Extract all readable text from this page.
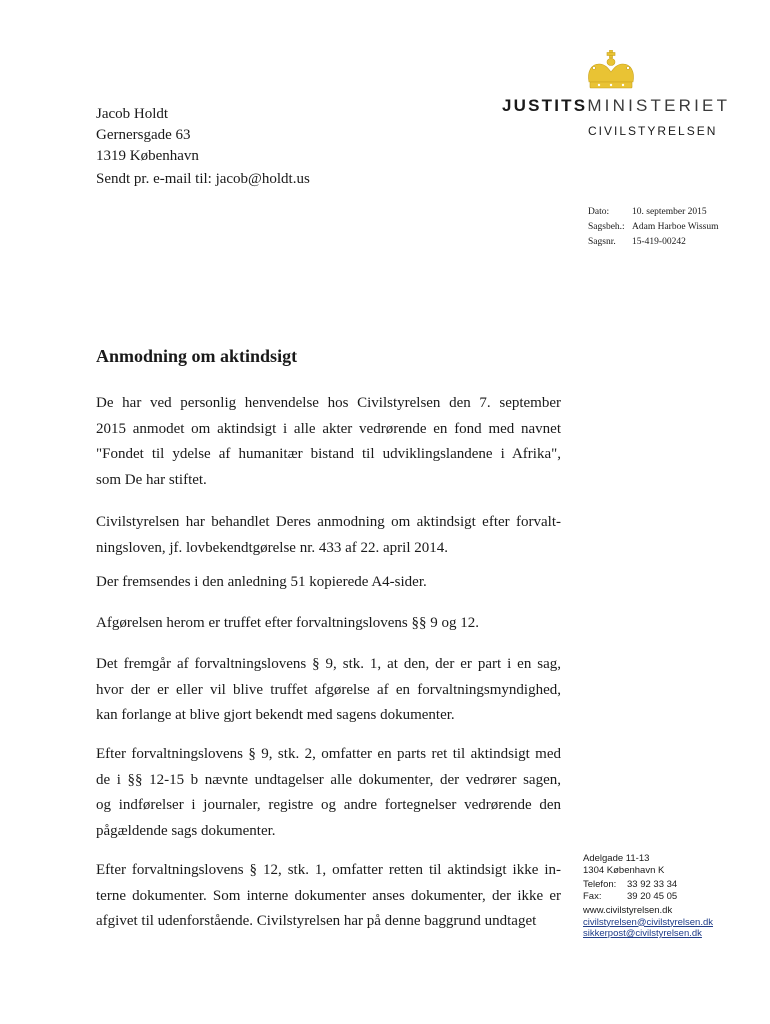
Jacob Holdt
Gernersgade 63
1319 København
Sendt pr. e-mail til: jacob@holdt.us
JUSTITSMINISTERIET
CIVILSTYRELSEN
Dato:	10. september 2015
Sagsbeh.: Adam Harboe Wissum
Sagsnr.	15-419-00242
Anmodning om aktindsigt
De har ved personlig henvendelse hos Civilstyrelsen den 7. september
2015 anmodet om aktindsigt i alle akter vedrørende en fond med navnet
"Fondet til ydelse af humanitær bistand til udviklingslandene i Afrika",
som De har stiftet.
Civilstyrelsen har behandlet Deres anmodning om aktindsigt efter forvalt-
ningsloven, jf. lovbekendtgørelse nr. 433 af 22. april 2014.
Der fremsendes i den anledning 51 kopierede A4-sider.
Afgørelsen herom er truffet efter forvaltningslovens §§ 9 og 12.
Det fremgår af forvaltningslovens § 9, stk. 1, at den, der er part i en sag,
hvor der er eller vil blive truffet afgørelse af en forvaltningsmyndighed,
kan forlange at blive gjort bekendt med sagens dokumenter.
Efter forvaltningslovens § 9, stk. 2, omfatter en parts ret til aktindsigt med
de i §§ 12-15 b nævnte undtagelser alle dokumenter, der vedrører sagen,
og indførelser i journaler, registre og andre fortegnelser vedrørende den
pågældende sags dokumenter.
Efter forvaltningslovens § 12, stk. 1, omfatter retten til aktindsigt ikke in-
terne dokumenter. Som interne dokumenter anses dokumenter, der ikke er
afgivet til udenforstående. Civilstyrelsen har på denne baggrund undtaget
Adelgade 11-13
1304 København K
Telefon:	33 92 33 34
Fax:	39 20 45 05
www.civilstyrelsen.dk
civilstyrelsen@civilstyrelsen.dk
sikkerpost@civilstyrelsen.dk
